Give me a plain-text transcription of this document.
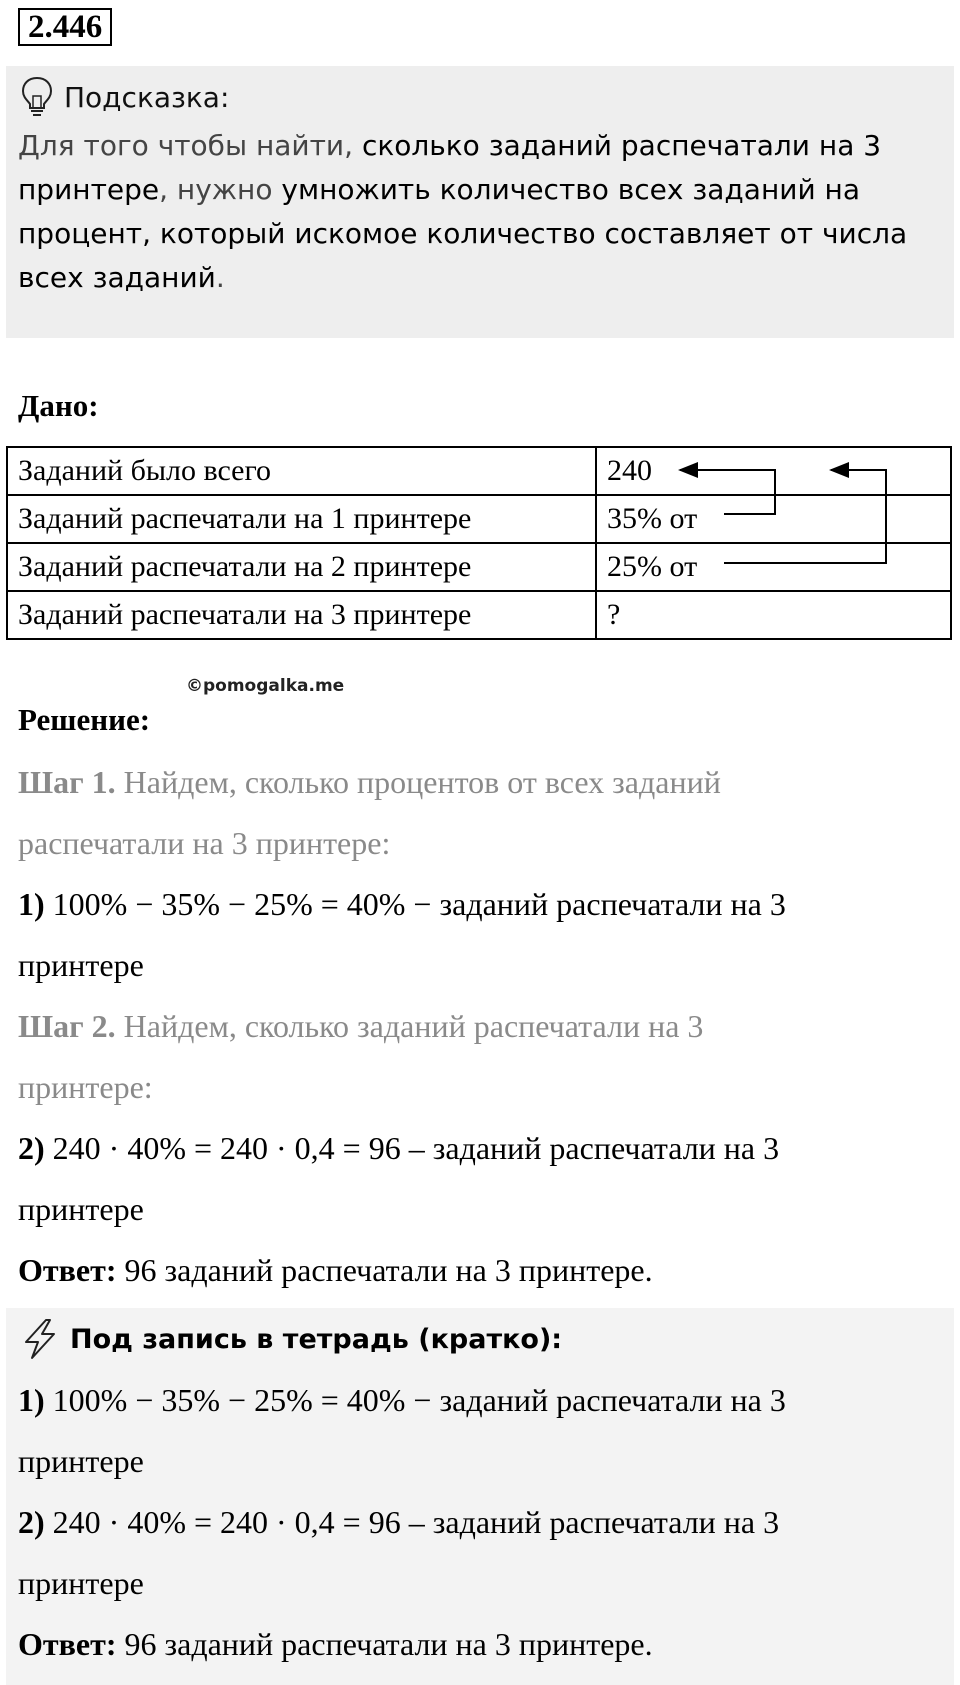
2.446
Подсказка:
Для того чтобы найти, сколько заданий распечатали на 3 принтере, нужно умножить количество всех заданий на процент, который искомое количество составляет от числа всех заданий.
Дано:
Заданий было всего	240
Заданий распечатали на 1 принтере	35% от
Заданий распечатали на 2 принтере	25% от
Заданий распечатали на 3 принтере	?
©pomogalka.me
Решение:
Шаг 1. Найдем, сколько процентов от всех заданий
распечатали на 3 принтере:
1) 100% − 35% − 25% = 40% − заданий распечатали на 3
принтере
Шаг 2. Найдем, сколько заданий распечатали на 3
принтере:
2) 240 · 40% = 240 · 0,4 = 96 – заданий распечатали на 3
принтере
Ответ: 96 заданий распечатали на 3 принтере.
Под запись в тетрадь (кратко):
1) 100% − 35% − 25% = 40% − заданий распечатали на 3
принтере
2) 240 · 40% = 240 · 0,4 = 96 – заданий распечатали на 3
принтере
Ответ: 96 заданий распечатали на 3 принтере.
